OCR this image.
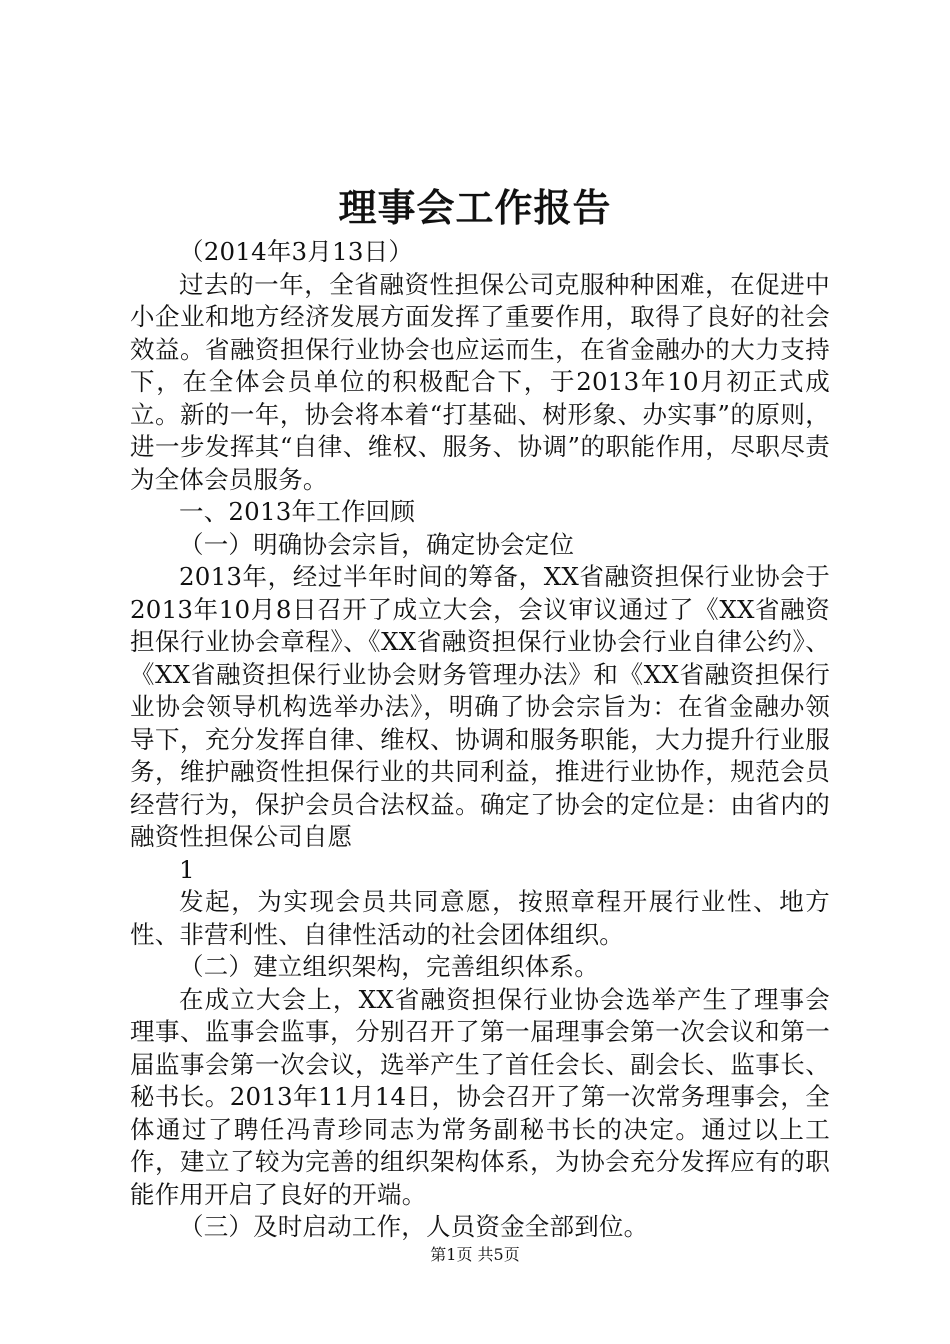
理事会工作报告

（2014年3月13日）

过去的一年，全省融资性担保公司克服种种困难，在促进中小企业和地方经济发展方面发挥了重要作用，取得了良好的社会效益。省融资担保行业协会也应运而生，在省金融办的大力支持下，在全体会员单位的积极配合下，于2013年10月初正式成立。新的一年，协会将本着“打基础、树形象、办实事”的原则，进一步发挥其“自律、维权、服务、协调”的职能作用，尽职尽责为全体会员服务。

一、2013年工作回顾

（一）明确协会宗旨，确定协会定位

2013年，经过半年时间的筹备，XX省融资担保行业协会于2013年10月8日召开了成立大会，会议审议通过了《XX省融资担保行业协会章程》、《XX省融资担保行业协会行业自律公约》、《XX省融资担保行业协会财务管理办法》和《XX省融资担保行业协会领导机构选举办法》，明确了协会宗旨为：在省金融办领导下，充分发挥自律、维权、协调和服务职能，大力提升行业服务，维护融资性担保行业的共同利益，推进行业协作，规范会员经营行为，保护会员合法权益。确定了协会的定位是：由省内的融资性担保公司自愿

1

发起，为实现会员共同意愿，按照章程开展行业性、地方性、非营利性、自律性活动的社会团体组织。

（二）建立组织架构，完善组织体系。

在成立大会上，XX省融资担保行业协会选举产生了理事会理事、监事会监事，分别召开了第一届理事会第一次会议和第一届监事会第一次会议，选举产生了首任会长、副会长、监事长、秘书长。2013年11月14日，协会召开了第一次常务理事会，全体通过了聘任冯青珍同志为常务副秘书长的决定。通过以上工作，建立了较为完善的组织架构体系，为协会充分发挥应有的职能作用开启了良好的开端。

（三）及时启动工作，人员资金全部到位。

第1页 共5页
